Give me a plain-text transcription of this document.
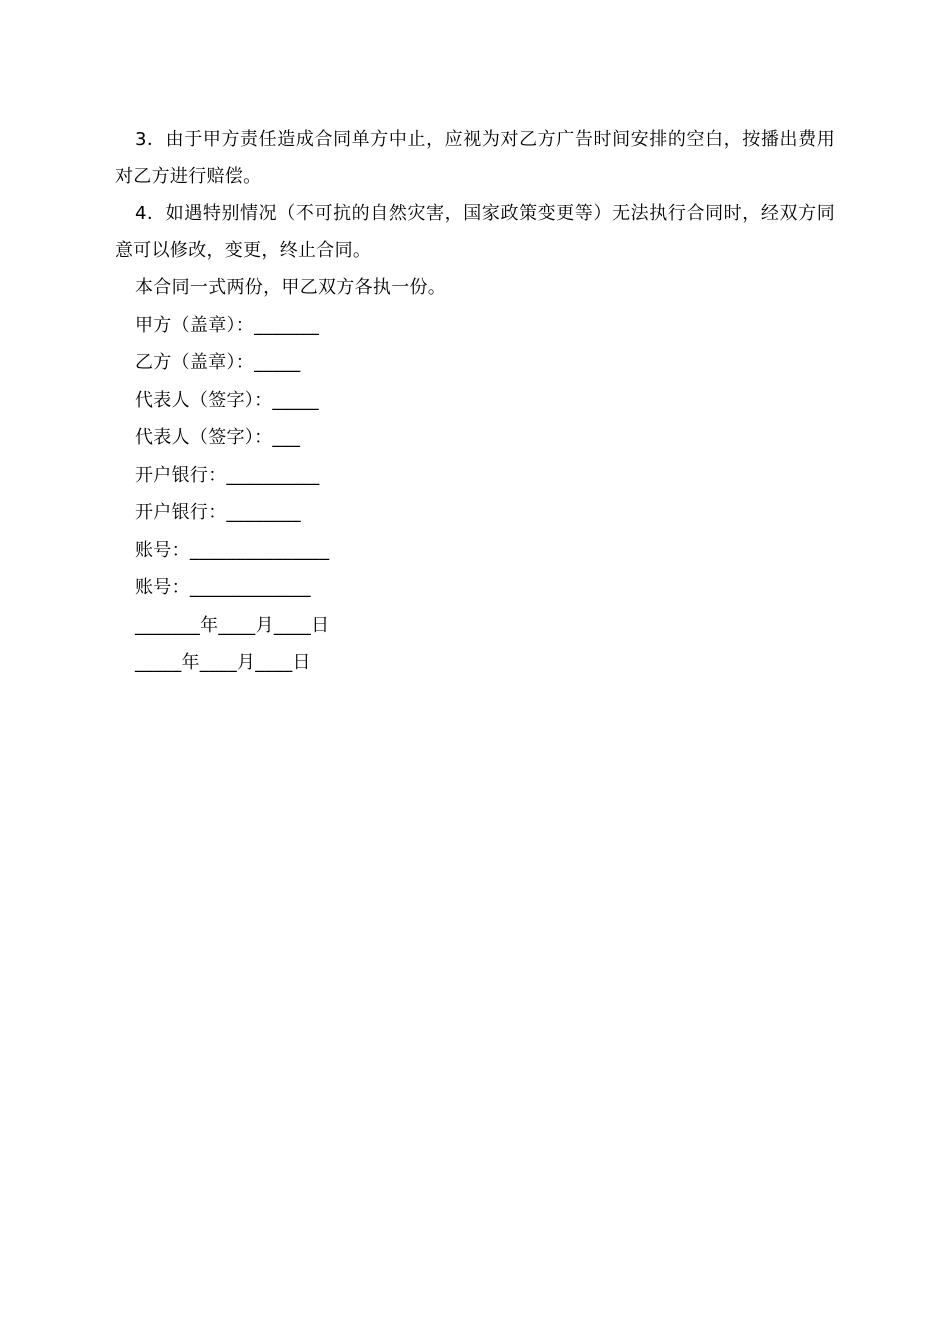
3．由于甲方责任造成合同单方中止，应视为对乙方广告时间安排的空白，按播出费用对乙方进行赔偿。

4．如遇特别情况（不可抗的自然灾害，国家政策变更等）无法执行合同时，经双方同意可以修改，变更，终止合同。

本合同一式两份，甲乙双方各执一份。

甲方（盖章）：_______

乙方（盖章）：_____

代表人（签字）：_____

代表人（签字）：___

开户银行：__________

开户银行：________

账号：_______________

账号：_____________

_______年____月____日

_____年____月____日
